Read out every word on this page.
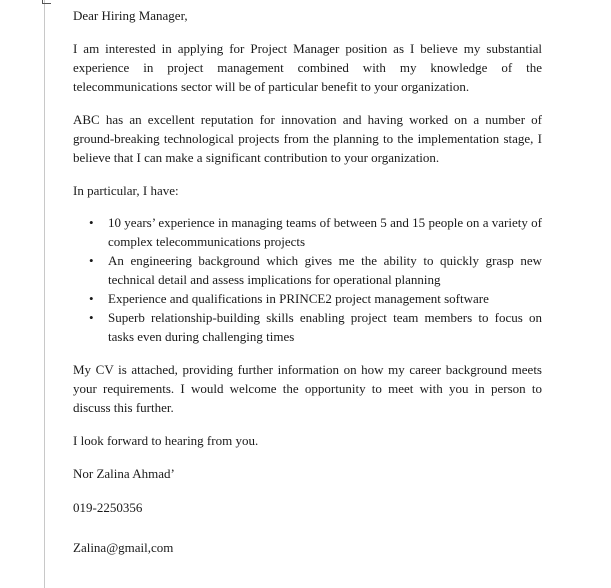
Dear Hiring Manager,

I am interested in applying for Project Manager position as I believe my substantial experience in project management combined with my knowledge of the telecommunications sector will be of particular benefit to your organization.

ABC has an excellent reputation for innovation and having worked on a number of ground-breaking technological projects from the planning to the implementation stage, I believe that I can make a significant contribution to your organization.

In particular, I have:

• 10 years’ experience in managing teams of between 5 and 15 people on a variety of complex telecommunications projects
• An engineering background which gives me the ability to quickly grasp new technical detail and assess implications for operational planning
• Experience and qualifications in PRINCE2 project management software
• Superb relationship-building skills enabling project team members to focus on tasks even during challenging times

My CV is attached, providing further information on how my career background meets your requirements. I would welcome the opportunity to meet with you in person to discuss this further.

I look forward to hearing from you.

Nor Zalina Ahmad’

019-2250356

Zalina@gmail,com
